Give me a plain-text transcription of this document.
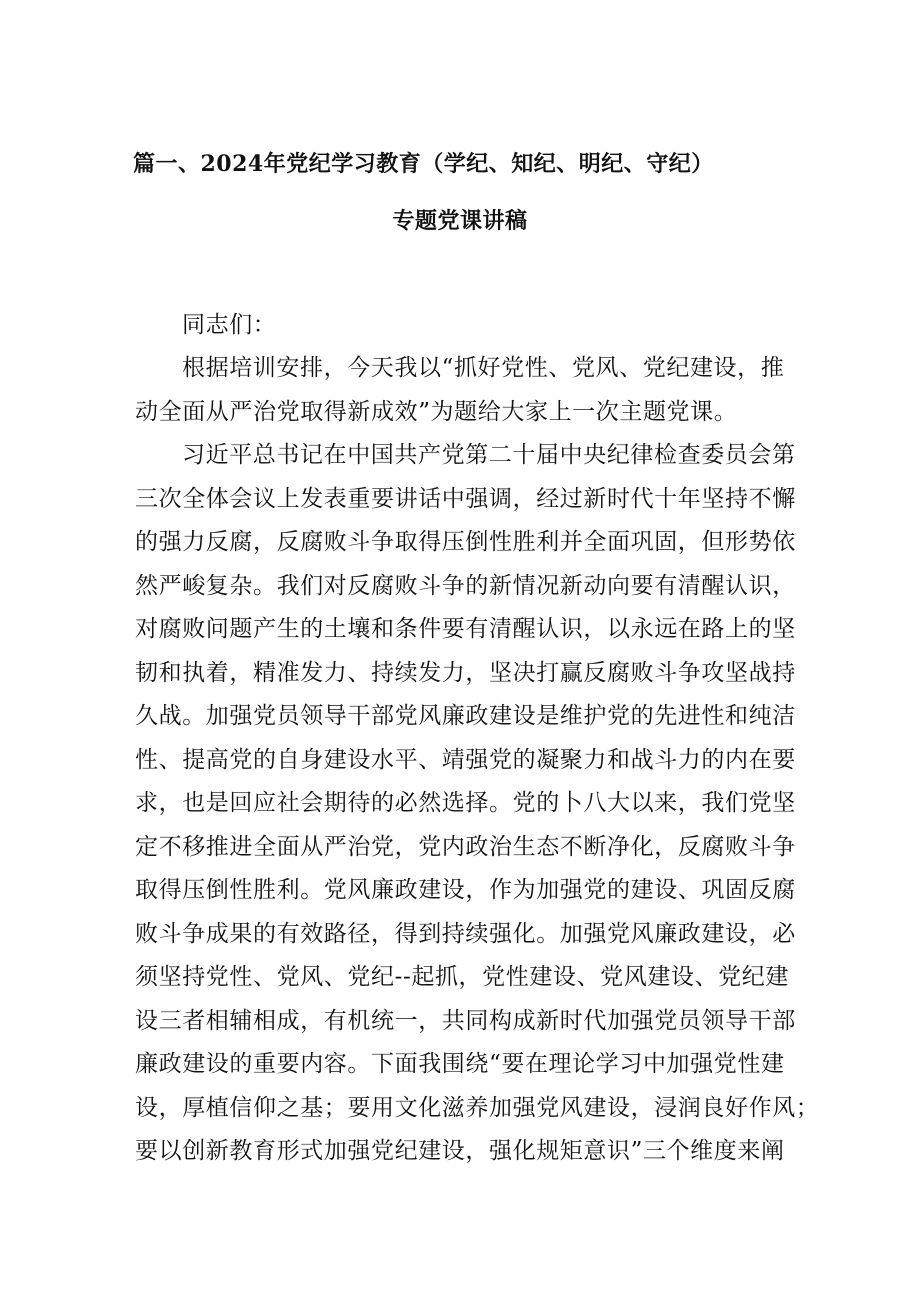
篇一、2024年党纪学习教育（学纪、知纪、明纪、守纪）
专题党课讲稿
同志们：
根据培训安排，今天我以“抓好党性、党风、党纪建设，推
动全面从严治党取得新成效”为题给大家上一次主题党课。
习近平总书记在中国共产党第二十届中央纪律检查委员会第
三次全体会议上发表重要讲话中强调，经过新时代十年坚持不懈
的强力反腐，反腐败斗争取得压倒性胜利并全面巩固，但形势依
然严峻复杂。我们对反腐败斗争的新情况新动向要有清醒认识，
对腐败问题产生的土壤和条件要有清醒认识，以永远在路上的坚
韧和执着，精准发力、持续发力，坚决打赢反腐败斗争攻坚战持
久战。加强党员领导干部党风廉政建设是维护党的先进性和纯洁
性、提高党的自身建设水平、靖强党的凝聚力和战斗力的内在要
求，也是回应社会期待的必然选择。党的卜八大以来，我们党坚
定不移推进全面从严治党，党内政治生态不断净化，反腐败斗争
取得压倒性胜利。党风廉政建设，作为加强党的建设、巩固反腐
败斗争成果的有效路径，得到持续强化。加强党风廉政建设，必
须坚持党性、党风、党纪--起抓，党性建设、党风建设、党纪建
设三者相辅相成，有机统一，共同构成新时代加强党员领导干部
廉政建设的重要内容。下面我围绕“要在理论学习中加强党性建
设，厚植信仰之基；要用文化滋养加强党风建设，浸润良好作风；
要以创新教育形式加强党纪建设，强化规矩意识”三个维度来阐
